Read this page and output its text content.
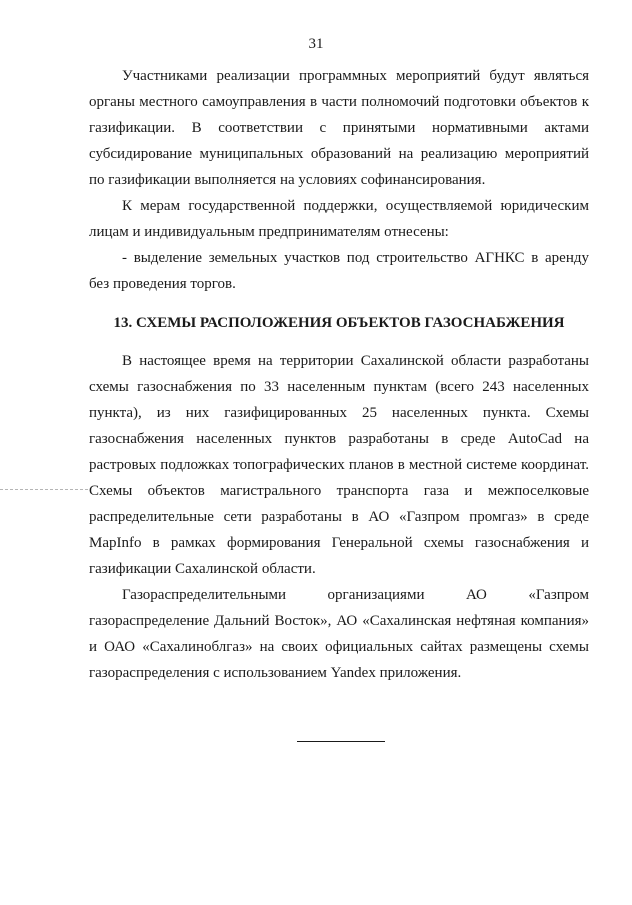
31

Участниками реализации программных мероприятий будут являться органы местного самоуправления в части полномочий подготовки объектов к газификации. В соответствии с принятыми нормативными актами субсидирование муниципальных образований на реализацию мероприятий по газификации выполняется на условиях софинансирования.

К мерам государственной поддержки, осуществляемой юридическим лицам и индивидуальным предпринимателям отнесены:

- выделение земельных участков под строительство АГНКС в аренду без проведения торгов.

13. СХЕМЫ РАСПОЛОЖЕНИЯ ОБЪЕКТОВ ГАЗОСНАБЖЕНИЯ

В настоящее время на территории Сахалинской области разработаны схемы газоснабжения по 33 населенным пунктам (всего 243 населенных пункта), из них газифицированных 25 населенных пункта. Схемы газоснабжения населенных пунктов разработаны в среде AutoCad на растровых подложках топографических планов в местной системе координат. Схемы объектов магистрального транспорта газа и межпоселковые распределительные сети разработаны в АО «Газпром промгаз» в среде MapInfo в рамках формирования Генеральной схемы газоснабжения и газификации Сахалинской области.

Газораспределительными организациями АО «Газпром газораспределение Дальний Восток», АО «Сахалинская нефтяная компания» и ОАО «Сахалиноблгаз» на своих официальных сайтах размещены схемы газораспределения с использованием Yandex приложения.
